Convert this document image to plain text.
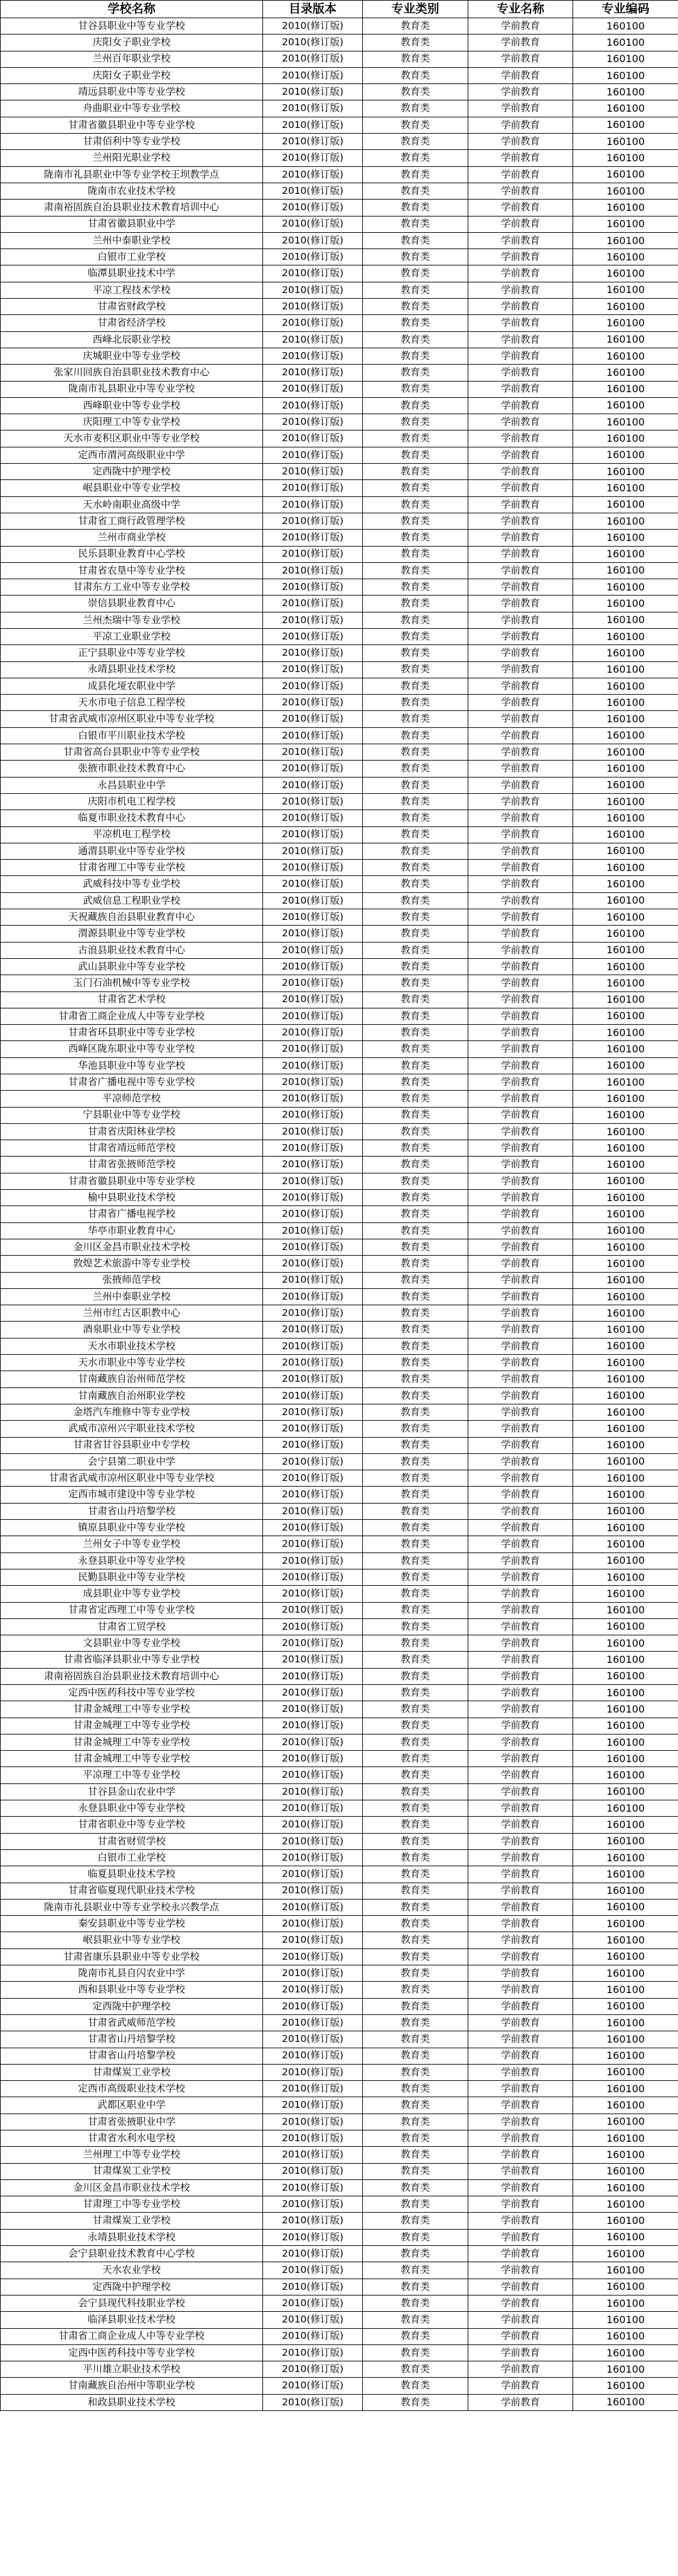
学校名称	目录版本	专业类别	专业名称	专业编码
甘谷县职业中等专业学校	2010(修订版)	教育类	学前教育	160100
庆阳女子职业学校	2010(修订版)	教育类	学前教育	160100
兰州百年职业学校	2010(修订版)	教育类	学前教育	160100
庆阳女子职业学校	2010(修订版)	教育类	学前教育	160100
靖远县职业中等专业学校	2010(修订版)	教育类	学前教育	160100
舟曲职业中等专业学校	2010(修订版)	教育类	学前教育	160100
甘肃省徽县职业中等专业学校	2010(修订版)	教育类	学前教育	160100
甘肃佰利中等专业学校	2010(修订版)	教育类	学前教育	160100
兰州阳光职业学校	2010(修订版)	教育类	学前教育	160100
陇南市礼县职业中等专业学校王坝教学点	2010(修订版)	教育类	学前教育	160100
陇南市农业技术学校	2010(修订版)	教育类	学前教育	160100
肃南裕固族自治县职业技术教育培训中心	2010(修订版)	教育类	学前教育	160100
甘肃省徽县职业中学	2010(修订版)	教育类	学前教育	160100
兰州中泰职业学校	2010(修订版)	教育类	学前教育	160100
白银市工业学校	2010(修订版)	教育类	学前教育	160100
临潭县职业技术中学	2010(修订版)	教育类	学前教育	160100
平凉工程技术学校	2010(修订版)	教育类	学前教育	160100
甘肃省财政学校	2010(修订版)	教育类	学前教育	160100
甘肃省经济学校	2010(修订版)	教育类	学前教育	160100
西峰北辰职业学校	2010(修订版)	教育类	学前教育	160100
庆城职业中等专业学校	2010(修订版)	教育类	学前教育	160100
张家川回族自治县职业技术教育中心	2010(修订版)	教育类	学前教育	160100
陇南市礼县职业中等专业学校	2010(修订版)	教育类	学前教育	160100
西峰职业中等专业学校	2010(修订版)	教育类	学前教育	160100
庆阳理工中等专业学校	2010(修订版)	教育类	学前教育	160100
天水市麦积区职业中等专业学校	2010(修订版)	教育类	学前教育	160100
定西市渭河高级职业中学	2010(修订版)	教育类	学前教育	160100
定西陇中护理学校	2010(修订版)	教育类	学前教育	160100
岷县职业中等专业学校	2010(修订版)	教育类	学前教育	160100
天水岭南职业高级中学	2010(修订版)	教育类	学前教育	160100
甘肃省工商行政管理学校	2010(修订版)	教育类	学前教育	160100
兰州市商业学校	2010(修订版)	教育类	学前教育	160100
民乐县职业教育中心学校	2010(修订版)	教育类	学前教育	160100
甘肃省农垦中等专业学校	2010(修订版)	教育类	学前教育	160100
甘肃东方工业中等专业学校	2010(修订版)	教育类	学前教育	160100
崇信县职业教育中心	2010(修订版)	教育类	学前教育	160100
兰州杰瑞中等专业学校	2010(修订版)	教育类	学前教育	160100
平凉工业职业学校	2010(修订版)	教育类	学前教育	160100
正宁县职业中等专业学校	2010(修订版)	教育类	学前教育	160100
永靖县职业技术学校	2010(修订版)	教育类	学前教育	160100
成县化垭农职业中学	2010(修订版)	教育类	学前教育	160100
天水市电子信息工程学校	2010(修订版)	教育类	学前教育	160100
甘肃省武威市凉州区职业中等专业学校	2010(修订版)	教育类	学前教育	160100
白银市平川职业技术学校	2010(修订版)	教育类	学前教育	160100
甘肃省高台县职业中等专业学校	2010(修订版)	教育类	学前教育	160100
张掖市职业技术教育中心	2010(修订版)	教育类	学前教育	160100
永昌县职业中学	2010(修订版)	教育类	学前教育	160100
庆阳市机电工程学校	2010(修订版)	教育类	学前教育	160100
临夏市职业技术教育中心	2010(修订版)	教育类	学前教育	160100
平凉机电工程学校	2010(修订版)	教育类	学前教育	160100
通渭县职业中等专业学校	2010(修订版)	教育类	学前教育	160100
甘肃省理工中等专业学校	2010(修订版)	教育类	学前教育	160100
武威科技中等专业学校	2010(修订版)	教育类	学前教育	160100
武威信息工程职业学校	2010(修订版)	教育类	学前教育	160100
天祝藏族自治县职业教育中心	2010(修订版)	教育类	学前教育	160100
渭源县职业中等专业学校	2010(修订版)	教育类	学前教育	160100
古浪县职业技术教育中心	2010(修订版)	教育类	学前教育	160100
武山县职业中等专业学校	2010(修订版)	教育类	学前教育	160100
玉门石油机械中等专业学校	2010(修订版)	教育类	学前教育	160100
甘肃省艺术学校	2010(修订版)	教育类	学前教育	160100
甘肃省工商企业成人中等专业学校	2010(修订版)	教育类	学前教育	160100
甘肃省环县职业中等专业学校	2010(修订版)	教育类	学前教育	160100
西峰区陇东职业中等专业学校	2010(修订版)	教育类	学前教育	160100
华池县职业中等专业学校	2010(修订版)	教育类	学前教育	160100
甘肃省广播电视中等专业学校	2010(修订版)	教育类	学前教育	160100
平凉师范学校	2010(修订版)	教育类	学前教育	160100
宁县职业中等专业学校	2010(修订版)	教育类	学前教育	160100
甘肃省庆阳林业学校	2010(修订版)	教育类	学前教育	160100
甘肃省靖远师范学校	2010(修订版)	教育类	学前教育	160100
甘肃省张掖师范学校	2010(修订版)	教育类	学前教育	160100
甘肃省徽县职业中等专业学校	2010(修订版)	教育类	学前教育	160100
榆中县职业技术学校	2010(修订版)	教育类	学前教育	160100
甘肃省广播电视学校	2010(修订版)	教育类	学前教育	160100
华亭市职业教育中心	2010(修订版)	教育类	学前教育	160100
金川区金昌市职业技术学校	2010(修订版)	教育类	学前教育	160100
敦煌艺术旅游中等专业学校	2010(修订版)	教育类	学前教育	160100
张掖师范学校	2010(修订版)	教育类	学前教育	160100
兰州中泰职业学校	2010(修订版)	教育类	学前教育	160100
兰州市红古区职教中心	2010(修订版)	教育类	学前教育	160100
酒泉职业中等专业学校	2010(修订版)	教育类	学前教育	160100
天水市职业技术学校	2010(修订版)	教育类	学前教育	160100
天水市职业中等专业学校	2010(修订版)	教育类	学前教育	160100
甘南藏族自治州师范学校	2010(修订版)	教育类	学前教育	160100
甘南藏族自治州职业学校	2010(修订版)	教育类	学前教育	160100
金塔汽车维修中等专业学校	2010(修订版)	教育类	学前教育	160100
武威市凉州兴宇职业技术学校	2010(修订版)	教育类	学前教育	160100
甘肃省甘谷县职业中专学校	2010(修订版)	教育类	学前教育	160100
会宁县第二职业中学	2010(修订版)	教育类	学前教育	160100
甘肃省武威市凉州区职业中等专业学校	2010(修订版)	教育类	学前教育	160100
定西市城市建设中等专业学校	2010(修订版)	教育类	学前教育	160100
甘肃省山丹培黎学校	2010(修订版)	教育类	学前教育	160100
镇原县职业中等专业学校	2010(修订版)	教育类	学前教育	160100
兰州女子中等专业学校	2010(修订版)	教育类	学前教育	160100
永登县职业中等专业学校	2010(修订版)	教育类	学前教育	160100
民勤县职业中等专业学校	2010(修订版)	教育类	学前教育	160100
成县职业中等专业学校	2010(修订版)	教育类	学前教育	160100
甘肃省定西理工中等专业学校	2010(修订版)	教育类	学前教育	160100
甘肃省工贸学校	2010(修订版)	教育类	学前教育	160100
文县职业中等专业学校	2010(修订版)	教育类	学前教育	160100
甘肃省临泽县职业中等专业学校	2010(修订版)	教育类	学前教育	160100
肃南裕固族自治县职业技术教育培训中心	2010(修订版)	教育类	学前教育	160100
定西中医药科技中等专业学校	2010(修订版)	教育类	学前教育	160100
甘肃金城理工中等专业学校	2010(修订版)	教育类	学前教育	160100
甘肃金城理工中等专业学校	2010(修订版)	教育类	学前教育	160100
甘肃金城理工中等专业学校	2010(修订版)	教育类	学前教育	160100
甘肃金城理工中等专业学校	2010(修订版)	教育类	学前教育	160100
平凉理工中等专业学校	2010(修订版)	教育类	学前教育	160100
甘谷县金山农业中学	2010(修订版)	教育类	学前教育	160100
永登县职业中等专业学校	2010(修订版)	教育类	学前教育	160100
甘肃省职业中等专业学校	2010(修订版)	教育类	学前教育	160100
甘肃省财贸学校	2010(修订版)	教育类	学前教育	160100
白银市工业学校	2010(修订版)	教育类	学前教育	160100
临夏县职业技术学校	2010(修订版)	教育类	学前教育	160100
甘肃省临夏现代职业技术学校	2010(修订版)	教育类	学前教育	160100
陇南市礼县职业中等专业学校永兴教学点	2010(修订版)	教育类	学前教育	160100
秦安县职业中等专业学校	2010(修订版)	教育类	学前教育	160100
岷县职业中等专业学校	2010(修订版)	教育类	学前教育	160100
甘肃省康乐县职业中等专业学校	2010(修订版)	教育类	学前教育	160100
陇南市礼县自闪农业中学	2010(修订版)	教育类	学前教育	160100
西和县职业中等专业学校	2010(修订版)	教育类	学前教育	160100
定西陇中护理学校	2010(修订版)	教育类	学前教育	160100
甘肃省武威师范学校	2010(修订版)	教育类	学前教育	160100
甘肃省山丹培黎学校	2010(修订版)	教育类	学前教育	160100
甘肃省山丹培黎学校	2010(修订版)	教育类	学前教育	160100
甘肃煤炭工业学校	2010(修订版)	教育类	学前教育	160100
定西市高级职业技术学校	2010(修订版)	教育类	学前教育	160100
武都区职业中学	2010(修订版)	教育类	学前教育	160100
甘肃省张掖职业中学	2010(修订版)	教育类	学前教育	160100
甘肃省水利水电学校	2010(修订版)	教育类	学前教育	160100
兰州理工中等专业学校	2010(修订版)	教育类	学前教育	160100
甘肃煤炭工业学校	2010(修订版)	教育类	学前教育	160100
金川区金昌市职业技术学校	2010(修订版)	教育类	学前教育	160100
甘肃理工中等专业学校	2010(修订版)	教育类	学前教育	160100
甘肃煤炭工业学校	2010(修订版)	教育类	学前教育	160100
永靖县职业技术学校	2010(修订版)	教育类	学前教育	160100
会宁县职业技术教育中心学校	2010(修订版)	教育类	学前教育	160100
天水农业学校	2010(修订版)	教育类	学前教育	160100
定西陇中护理学校	2010(修订版)	教育类	学前教育	160100
会宁县现代科技职业学校	2010(修订版)	教育类	学前教育	160100
临泽县职业技术学校	2010(修订版)	教育类	学前教育	160100
甘肃省工商企业成人中等专业学校	2010(修订版)	教育类	学前教育	160100
定西中医药科技中等专业学校	2010(修订版)	教育类	学前教育	160100
平川雄立职业技术学校	2010(修订版)	教育类	学前教育	160100
甘南藏族自治州中等职业学校	2010(修订版)	教育类	学前教育	160100
和政县职业技术学校	2010(修订版)	教育类	学前教育	160100
